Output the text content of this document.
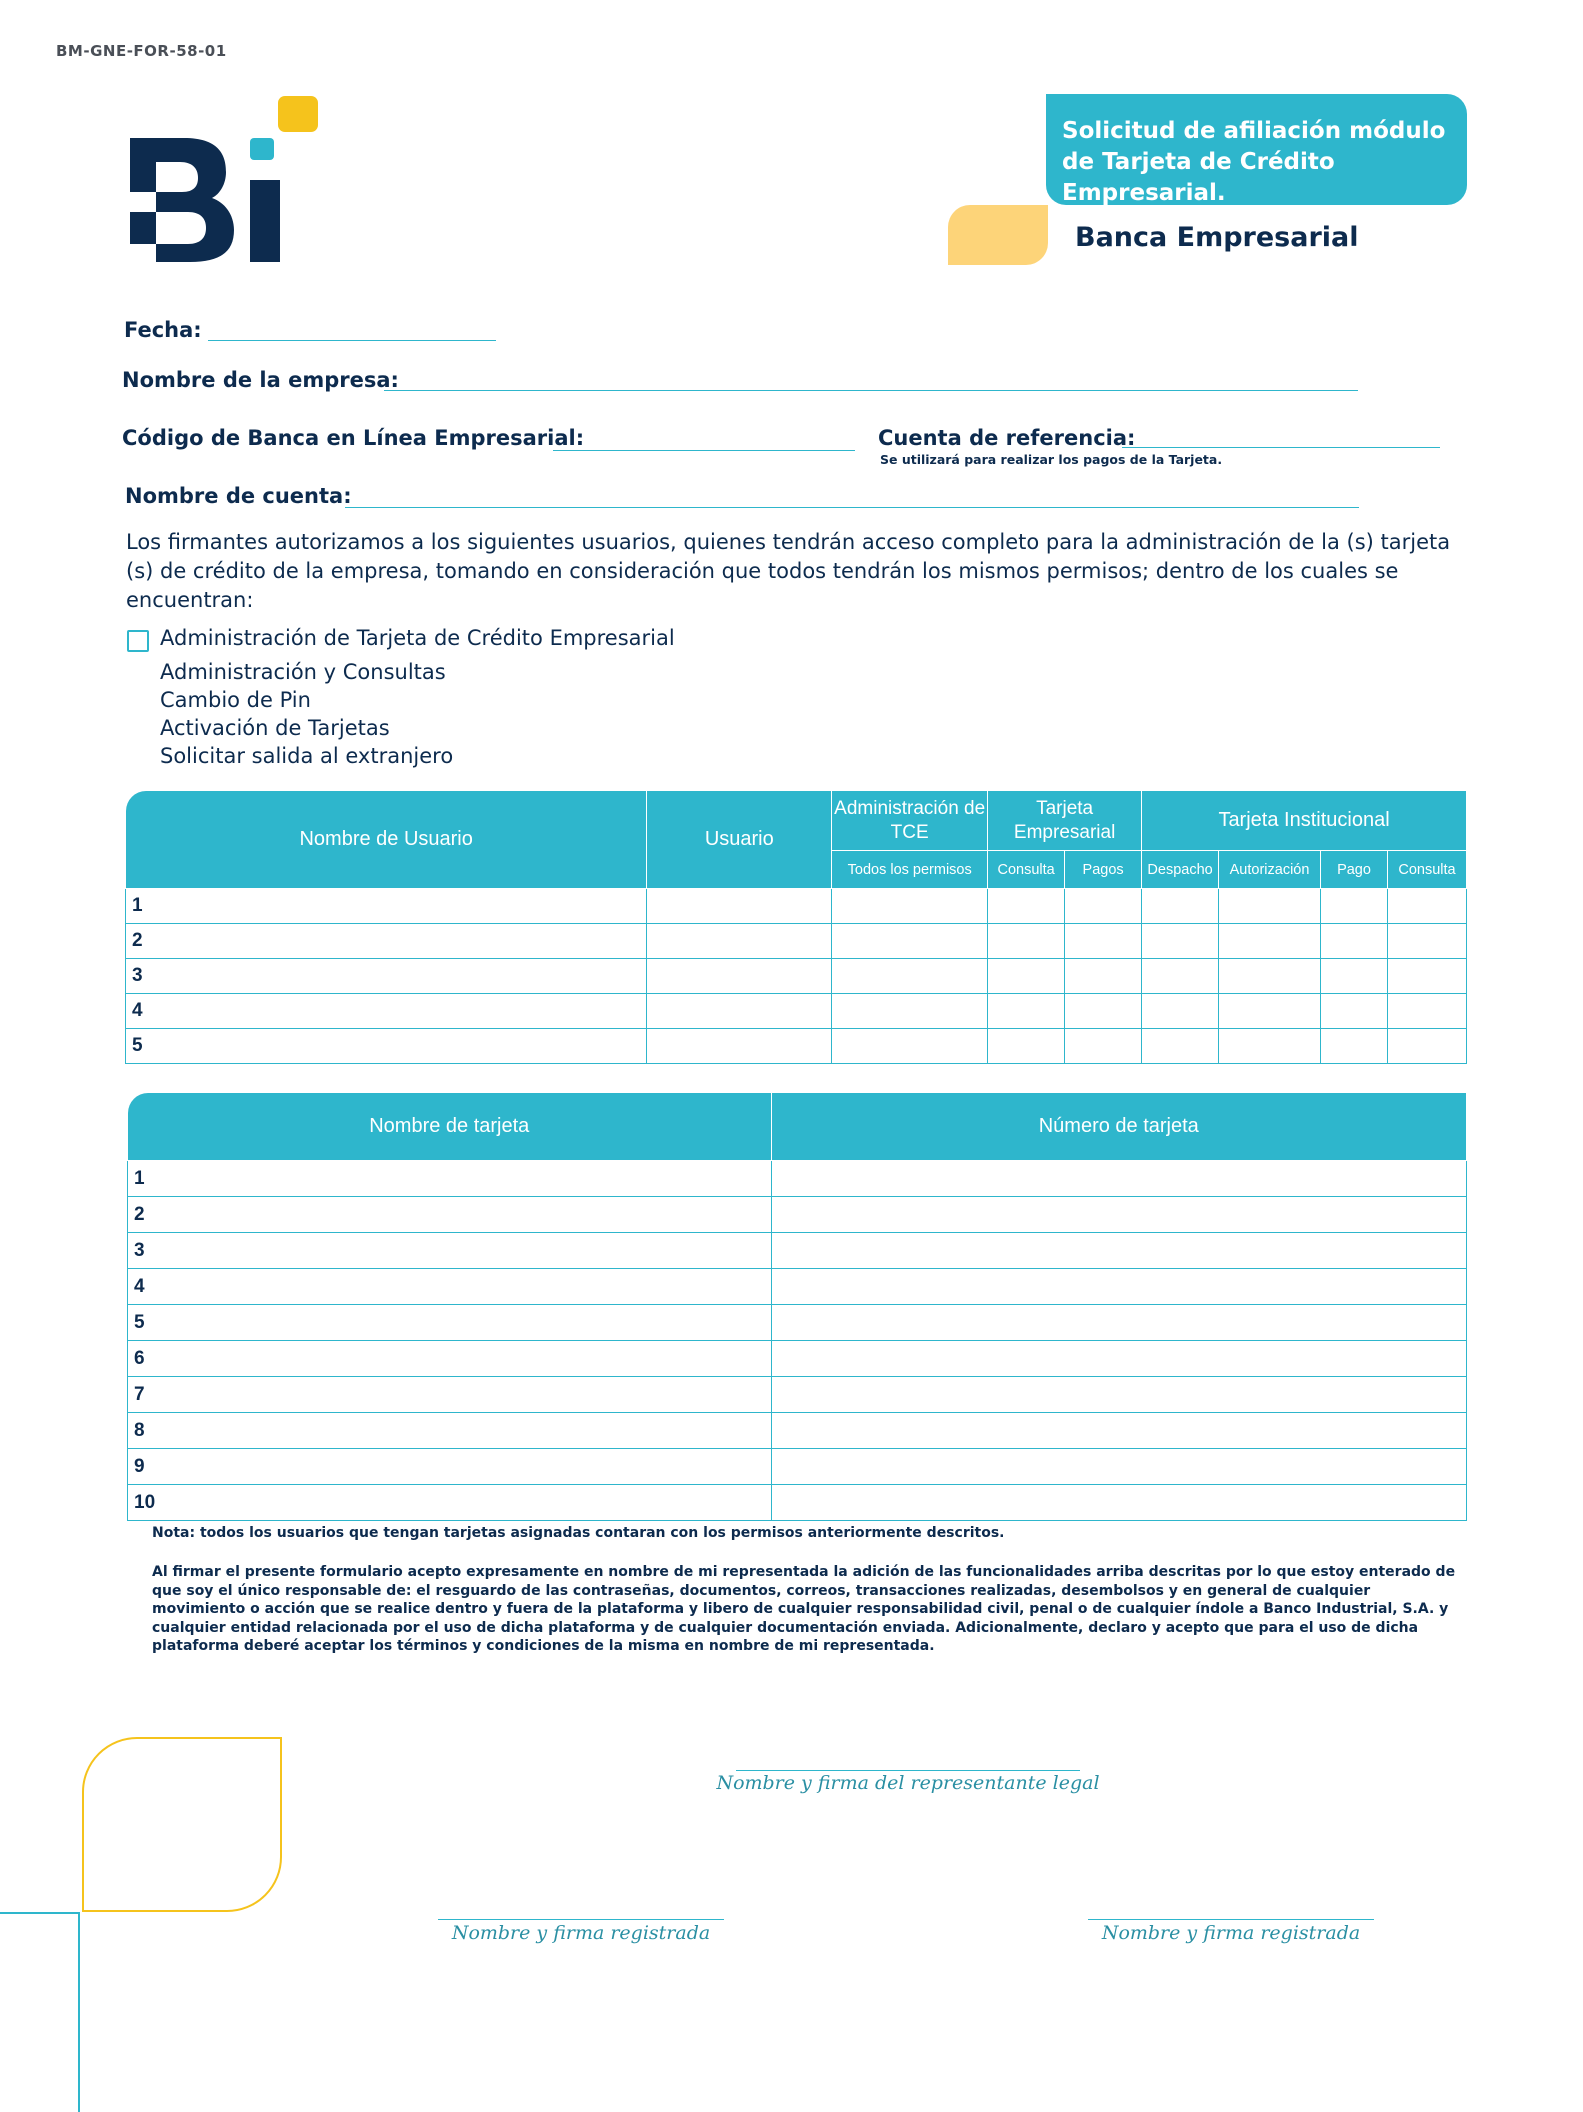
BM-GNE-FOR-58-01
Solicitud de afiliación módulo de Tarjeta de Crédito Empresarial.
Banca Empresarial
Fecha:
Nombre de la empresa:
Código de Banca en Línea Empresarial:	Cuenta de referencia:
Se utilizará para realizar los pagos de la Tarjeta.
Nombre de cuenta:
Los firmantes autorizamos a los siguientes usuarios, quienes tendrán acceso completo para la administración de la (s) tarjeta (s) de crédito de la empresa, tomando en consideración que todos tendrán los mismos permisos; dentro de los cuales se encuentran:
Administración de Tarjeta de Crédito Empresarial
Administración y Consultas
Cambio de Pin
Activación de Tarjetas
Solicitar salida al extranjero
Nombre de Usuario	Usuario	Administración de TCE	Tarjeta Empresarial		Tarjeta Institucional			
		Todos los permisos	Consulta	Pagos	Despacho	Autorización	Pago	Consulta
1								
2								
3								
4								
5								
Nombre de tarjeta	Número de tarjeta
1	
2	
3	
4	
5	
6	
7	
8	
9	
10	
Nota: todos los usuarios que tengan tarjetas asignadas contaran con los permisos anteriormente descritos.
Al firmar el presente formulario acepto expresamente en nombre de mi representada la adición de las funcionalidades arriba descritas por lo que estoy enterado de que soy el único responsable de: el resguardo de las contraseñas, documentos, correos, transacciones realizadas, desembolsos y en general de cualquier movimiento o acción que se realice dentro y fuera de la plataforma y libero de cualquier responsabilidad civil, penal o de cualquier índole a Banco Industrial, S.A. y cualquier entidad relacionada por el uso de dicha plataforma y de cualquier documentación enviada. Adicionalmente, declaro y acepto que para el uso de dicha plataforma deberé aceptar los términos y condiciones de la misma en nombre de mi representada.
Nombre y firma del representante legal
Nombre y firma registrada	Nombre y firma registrada
